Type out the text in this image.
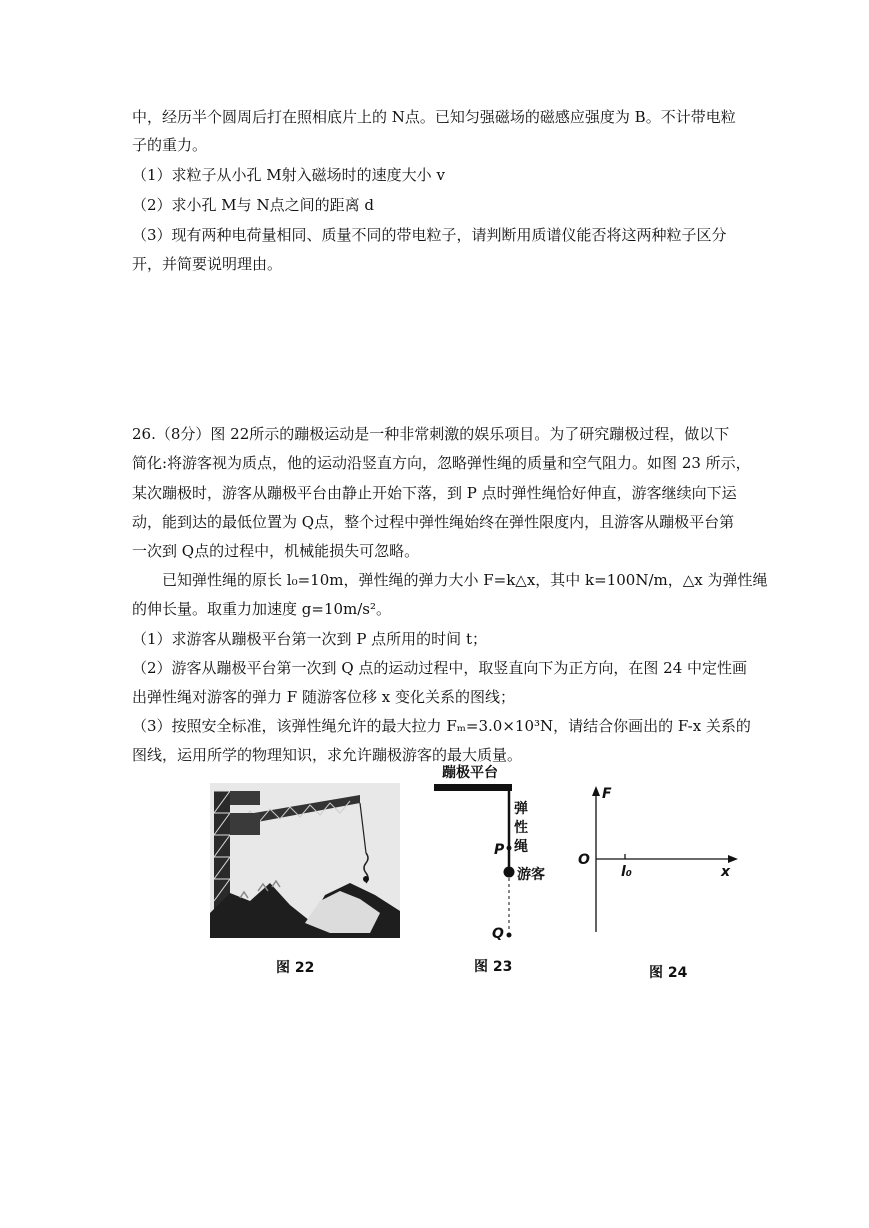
中，经历半个圆周后打在照相底片上的 N点。已知匀强磁场的磁感应强度为 B。不计带电粒
子的重力。
（1）求粒子从小孔 M射入磁场时的速度大小 v
（2）求小孔 M与 N点之间的距离 d
（3）现有两种电荷量相同、质量不同的带电粒子，请判断用质谱仪能否将这两种粒子区分
开，并简要说明理由。
26.（8分）图 22所示的蹦极运动是一种非常刺激的娱乐项目。为了研究蹦极过程，做以下
简化:将游客视为质点，他的运动沿竖直方向，忽略弹性绳的质量和空气阻力。如图 23 所示，
某次蹦极时，游客从蹦极平台由静止开始下落，到 P 点时弹性绳恰好伸直，游客继续向下运
动，能到达的最低位置为 Q点，整个过程中弹性绳始终在弹性限度内，且游客从蹦极平台第
一次到 Q点的过程中，机械能损失可忽略。
　　已知弹性绳的原长 l₀=10m，弹性绳的弹力大小 F=k△x，其中 k=100N/m，△x 为弹性绳
的伸长量。取重力加速度 g=10m/s²。
（1）求游客从蹦极平台第一次到 P 点所用的时间 t；
（2）游客从蹦极平台第一次到 Q 点的运动过程中，取竖直向下为正方向，在图 24 中定性画
出弹性绳对游客的弹力 F 随游客位移 x 变化关系的图线；
（3）按照安全标准，该弹性绳允许的最大拉力 Fₘ=3.0×10³N，请结合你画出的 F-x 关系的
图线，运用所学的物理知识，求允许蹦极游客的最大质量。
图 22
蹦极平台
弹
性
绳
P
游客
Q
图 23
F
O
l₀	x
图 24
